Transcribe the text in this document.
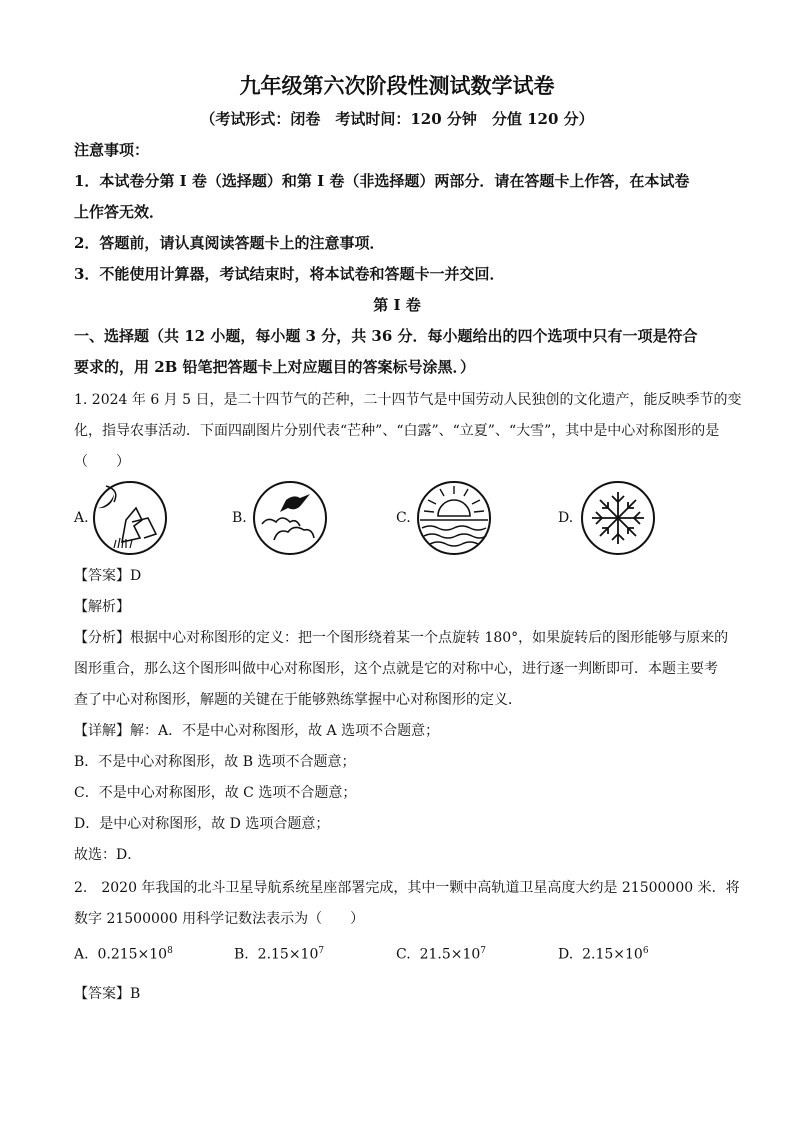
九年级第六次阶段性测试数学试卷
（考试形式：闭卷　考试时间：120 分钟　分值 120 分）
注意事项：
1．本试卷分第 I 卷（选择题）和第 I 卷（非选择题）两部分．请在答题卡上作答，在本试卷
上作答无效．
2．答题前，请认真阅读答题卡上的注意事项．
3．不能使用计算器，考试结束时，将本试卷和答题卡一并交回．
第 I 卷
一、选择题（共 12 小题，每小题 3 分，共 36 分．每小题给出的四个选项中只有一项是符合
要求的，用 2B 铅笔把答题卡上对应题目的答案标号涂黑．）
1. 2024 年 6 月 5 日，是二十四节气的芒种，二十四节气是中国劳动人民独创的文化遗产，能反映季节的变
化，指导农事活动．下面四副图片分别代表“芒种”、“白露”、“立夏”、“大雪”，其中是中心对称图形的是
（　　）
A.	B.	C.	D.
【答案】D
【解析】
【分析】根据中心对称图形的定义：把一个图形绕着某一个点旋转 180°，如果旋转后的图形能够与原来的
图形重合，那么这个图形叫做中心对称图形，这个点就是它的对称中心，进行逐一判断即可．本题主要考
查了中心对称图形，解题的关键在于能够熟练掌握中心对称图形的定义．
【详解】解：A．不是中心对称图形，故 A 选项不合题意；
B．不是中心对称图形，故 B 选项不合题意；
C．不是中心对称图形，故 C 选项不合题意；
D．是中心对称图形，故 D 选项合题意；
故选：D．
2.　2020 年我国的北斗卫星导航系统星座部署完成，其中一颗中高轨道卫星高度大约是 21500000 米．将
数字 21500000 用科学记数法表示为（　　）
A. $0.215\times 10^8$	B. $2.15\times 10^7$	C. $21.5\times 10^7$	D. $2.15\times 10^6$
【答案】B
